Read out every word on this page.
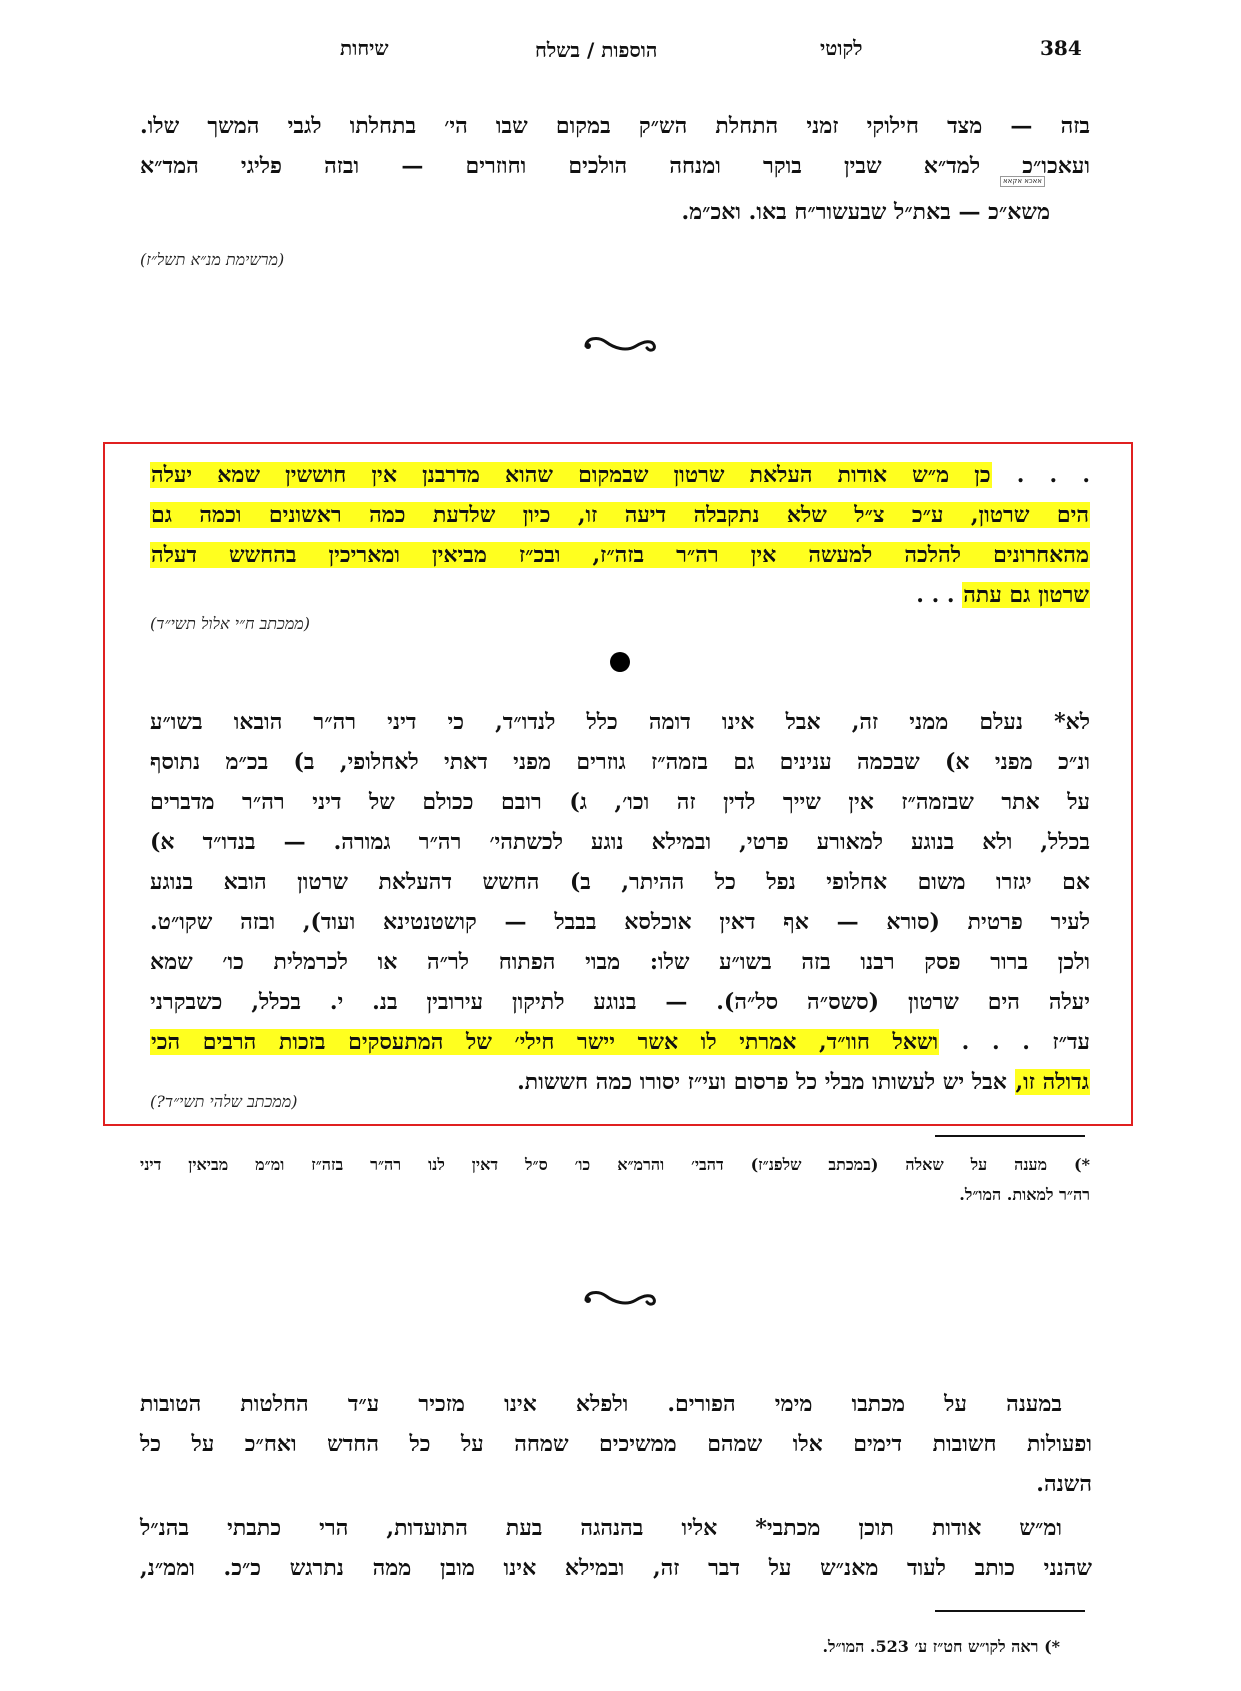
384
לקוטי
הוספות / בשלח
שיחות
בזה — מצד חילוקי זמני התחלת הש״ק במקום שבו הי׳ בתחלתו לגבי המשך שלו.
ועאכו״כ למד״א שבין בוקר ומנחה הולכים וחוזרים — ובזה פליגי המד״א
משא״כ — באת״ל שבעשור״ח באו. ואכ״מ.
אאכא אקאא
(מרשימת מנ״א תשל״ז)
. . . כן מ״ש אודות העלאת שרטון שבמקום שהוא מדרבנן אין חוששין שמא יעלה
הים שרטון, ע״כ צ״ל שלא נתקבלה דיעה זו, כיון שלדעת כמה ראשונים וכמה גם
מהאחרונים להלכה למעשה אין רה״ר בזה״ז, ובכ״ז מביאין ומאריכין בהחשש דעלה
שרטון גם עתה . . .
(ממכתב ח״י אלול תשי״ד)
לא* נעלם ממני זה, אבל אינו דומה כלל לנדו״ד, כי דיני רה״ר הובאו בשו״ע
ונ״כ מפני א) שבכמה ענינים גם בזמה״ז גוזרים מפני דאתי לאחלופי, ב) בכ״מ נתוסף
על אתר שבזמה״ז אין שייך לדין זה וכו׳, ג) רובם ככולם של דיני רה״ר מדברים
בכלל, ולא בנוגע למאורע פרטי, ובמילא נוגע לכשתהי׳ רה״ר גמורה. — בנדו״ד א)
אם יגזרו משום אחלופי נפל כל ההיתר, ב) החשש דהעלאת שרטון הובא בנוגע
לעיר פרטית (סורא — אף דאין אוכלסא בבבל — קושטנטינא ועוד), ובזה שקו״ט.
ולכן ברור פסק רבנו בזה בשו״ע שלו: מבוי הפתוח לר״ה או לכרמלית כו׳ שמא
יעלה הים שרטון (סשס״ה סל״ה). — בנוגע לתיקון עירובין בנ. י. בכלל, כשבקרני
עד״ז . . . ושאל חוו״ד, אמרתי לו אשר יישר חילי׳ של המתעסקים בזכות הרבים הכי
גדולה זו, אבל יש לעשותו מבלי כל פרסום ועי״ז יסורו כמה חששות.
(ממכתב שלהי תשי״ד?)
*) מענה על שאלה (במכתב שלפנ״ז) דהבי׳ והרמ״א כו׳ ס״ל דאין לנו רה״ר בזה״ז ומ״מ מביאין דיני
רה״ר למאות. המו״ל.
במענה על מכתבו מימי הפורים. ולפלא אינו מזכיר ע״ד החלטות הטובות
ופעולות חשובות דימים אלו שמהם ממשיכים שמחה על כל החדש ואח״כ על כל
השנה.
ומ״ש אודות תוכן מכתבי* אליו בהנהגה בעת התועדות, הרי כתבתי בהנ״ל
שהנני כותב לעוד מאנ״ש על דבר זה, ובמילא אינו מובן ממה נתרגש כ״כ. וממ״נ,
*) ראה לקו״ש חט״ז ע׳ 523. המו״ל.
